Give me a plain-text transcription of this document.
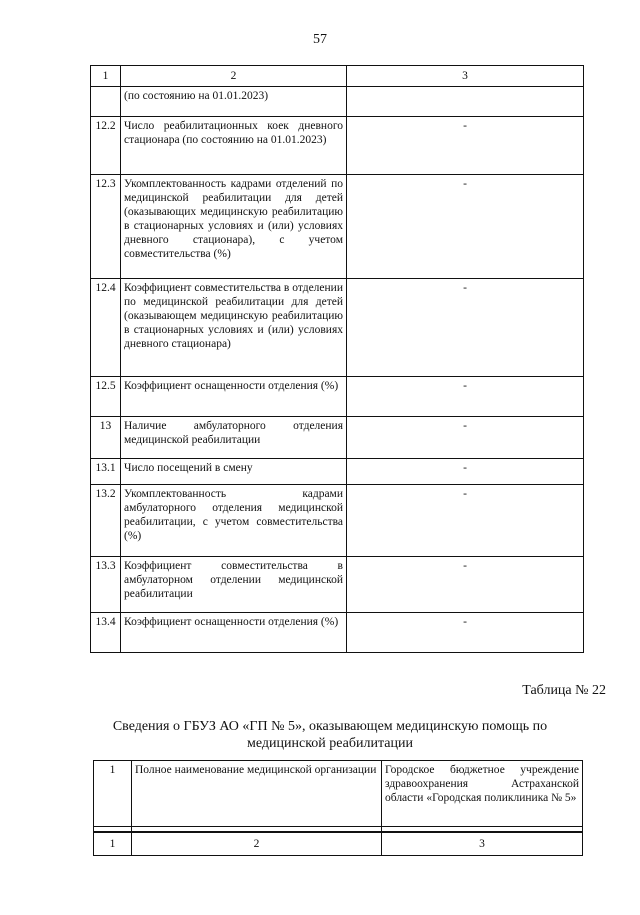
57
1	2	3
	(по состоянию на 01.01.2023)	
12.2	Число реабилитационных коек дневного стационара (по состоянию на 01.01.2023)	-
12.3	Укомплектованность кадрами отделений по медицинской реабилитации для детей (оказывающих медицинскую реабилитацию в стационарных условиях и (или) условиях дневного стационара), с учетом совместительства (%)	-
12.4	Коэффициент совместительства в отделении по медицинской реабилитации для детей (оказывающем медицинскую реабилитацию в стационарных условиях и (или) условиях дневного стационара)	-
12.5	Коэффициент оснащенности отделения (%)	-
13	Наличие амбулаторного отделения медицинской реабилитации	-
13.1	Число посещений в смену	-
13.2	Укомплектованность кадрами амбулаторного отделения медицинской реабилитации, с учетом совместительства (%)	-
13.3	Коэффициент совместительства в амбулаторном отделении медицинской реабилитации	-
13.4	Коэффициент оснащенности отделения (%)	-
Таблица № 22
Сведения о ГБУЗ АО «ГП № 5», оказывающем медицинскую помощь по медицинской реабилитации
1	Полное наименование медицинской организации	Городское бюджетное учреждение здравоохранения Астраханской области «Городская поликлиника № 5»

1	2	3
